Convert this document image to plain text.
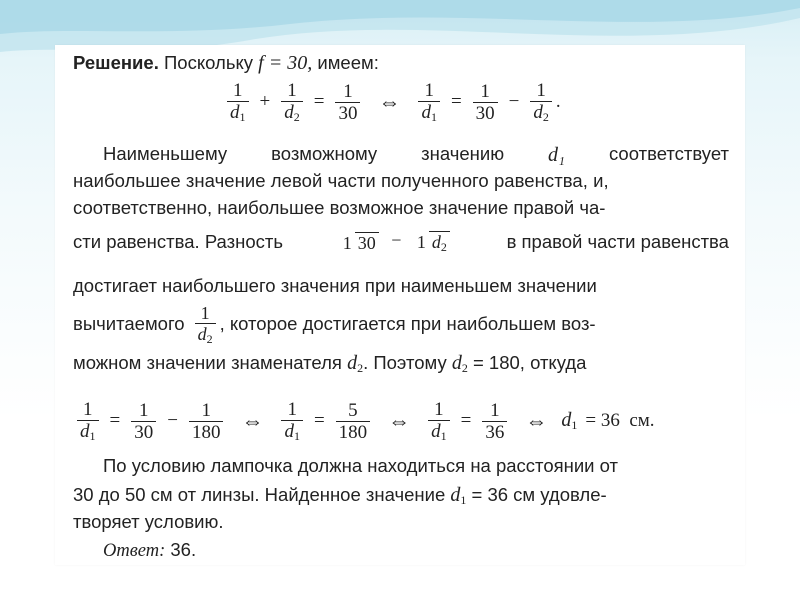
Решение. Поскольку f = 30, имеем:
$\frac{1}{d_1} + \frac{1}{d_2} = \frac{1}{30}$ ⇔ $\frac{1}{d_1} = \frac{1}{30} - \frac{1}{d_2}$ .
Наименьшему возможному значению d₁ соответствует
наибольшее значение левой части полученного равенства, и,
соответственно, наибольшее возможное значение правой ча-
сти равенства. Разность	1 30 − 1 $d_2$	в правой части равенства
достигает наибольшего значения при наименьшем значении
вычитаемого $\frac{1}{d_2}$ , которое достигается при наибольшем воз-
можном значении знаменателя $d_2$. Поэтому $d_2 = 180$, откуда
$\frac{1}{d_1} = \frac{1}{30} - \frac{1}{180}$ ⇔ $\frac{1}{d_1} = \frac{5}{180}$ ⇔ $\frac{1}{d_1} = \frac{1}{36}$ ⇔ $d_1 = 36$  см.
По условию лампочка должна находиться на расстоянии от
30 до 50 см от линзы. Найденное значение $d_1 = 36$ см удовле-
творяет условию.
Ответ: 36.
